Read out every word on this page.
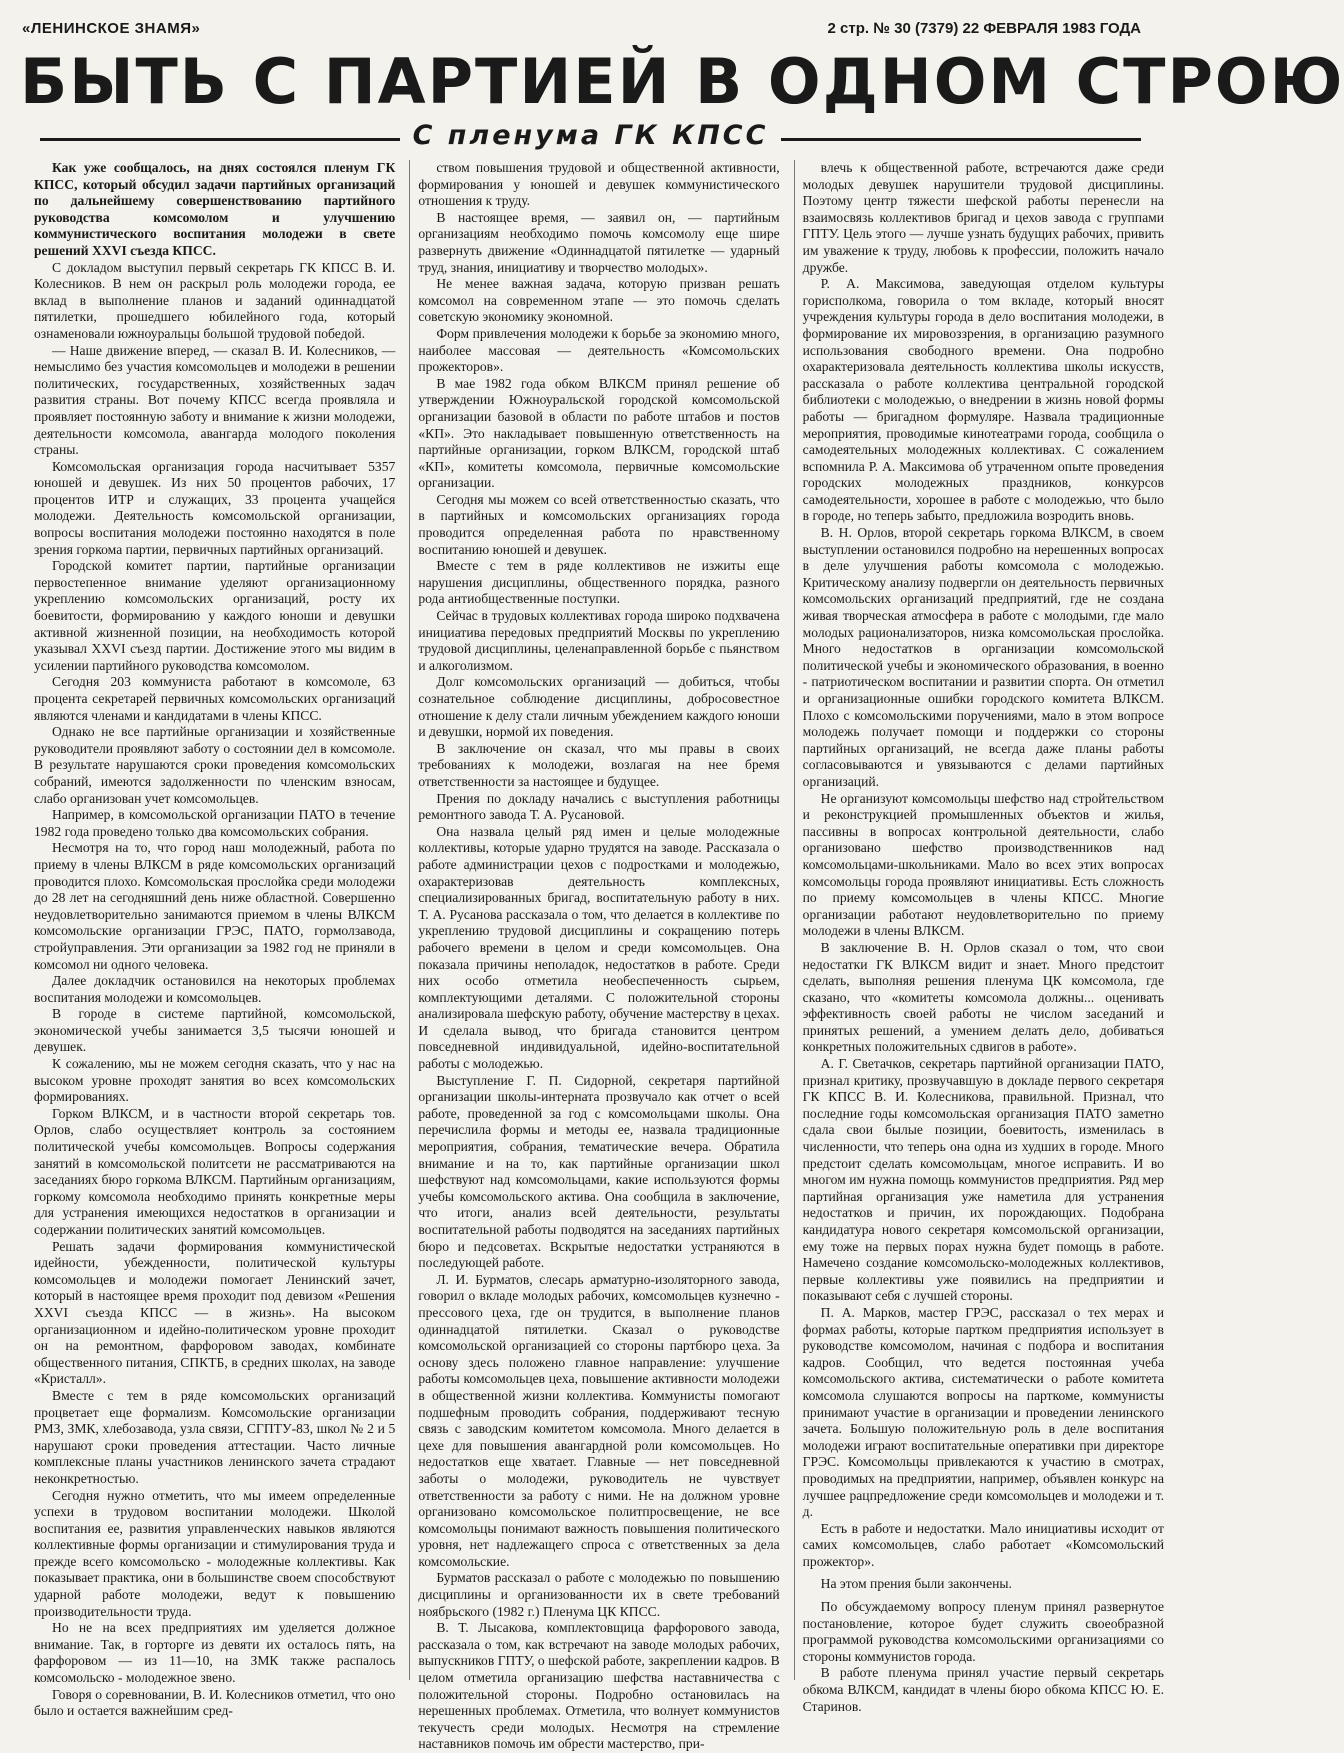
«ЛЕНИНСКОЕ ЗНАМЯ»	2 стр. № 30 (7379) 22 ФЕВРАЛЯ 1983 ГОДА
БЫТЬ С ПАРТИЕЙ В ОДНОМ СТРОЮ
С пленума ГК КПСС

Как уже сообщалось, на днях состоялся пленум ГК КПСС, который обсудил задачи партийных организаций по дальнейшему совершенствованию партийного руководства комсомолом и улучшению коммунистического воспитания молодежи в свете решений XXVI съезда КПСС.

С докладом выступил первый секретарь ГК КПСС В. И. Колесников. В нем он раскрыл роль молодежи города, ее вклад в выполнение планов и заданий одиннадцатой пятилетки, прошедшего юбилейного года, который ознаменовали южноуральцы большой трудовой победой.

— Наше движение вперед, — сказал В. И. Колесников, — немыслимо без участия комсомольцев и молодежи в решении политических, государственных, хозяйственных задач развития страны. Вот почему КПСС всегда проявляла и проявляет постоянную заботу и внимание к жизни молодежи, деятельности комсомола, авангарда молодого поколения страны.

Комсомольская организация города насчитывает 5357 юношей и девушек. Из них 50 процентов рабочих, 17 процентов ИТР и служащих, 33 процента учащейся молодежи. Деятельность комсомольской организации, вопросы воспитания молодежи постоянно находятся в поле зрения горкома партии, первичных партийных организаций.

Городской комитет партии, партийные организации первостепенное внимание уделяют организационному укреплению комсомольских организаций, росту их боевитости, формированию у каждого юноши и девушки активной жизненной позиции, на необходимость которой указывал XXVI съезд партии. Достижение этого мы видим в усилении партийного руководства комсомолом.

Сегодня 203 коммуниста работают в комсомоле, 63 процента секретарей первичных комсомольских организаций являются членами и кандидатами в члены КПСС.

Однако не все партийные организации и хозяйственные руководители проявляют заботу о состоянии дел в комсомоле. В результате нарушаются сроки проведения комсомольских собраний, имеются задолженности по членским взносам, слабо организован учет комсомольцев.

Например, в комсомольской организации ПАТО в течение 1982 года проведено только два комсомольских собрания.

Несмотря на то, что город наш молодежный, работа по приему в члены ВЛКСМ в ряде комсомольских организаций проводится плохо. Комсомольская прослойка среди молодежи до 28 лет на сегодняшний день ниже областной. Совершенно неудовлетворительно занимаются приемом в члены ВЛКСМ комсомольские организации ГРЭС, ПАТО, гормолзавода, стройуправления. Эти организации за 1982 год не приняли в комсомол ни одного человека.

Далее докладчик остановился на некоторых проблемах воспитания молодежи и комсомольцев.

В городе в системе партийной, комсомольской, экономической учебы занимается 3,5 тысячи юношей и девушек.

К сожалению, мы не можем сегодня сказать, что у нас на высоком уровне проходят занятия во всех комсомольских формированиях.

Горком ВЛКСМ, и в частности второй секретарь тов. Орлов, слабо осуществляет контроль за состоянием политической учебы комсомольцев. Вопросы содержания занятий в комсомольской политсети не рассматриваются на заседаниях бюро горкома ВЛКСМ. Партийным организациям, горкому комсомола необходимо принять конкретные меры для устранения имеющихся недостатков в организации и содержании политических занятий комсомольцев.

Решать задачи формирования коммунистической идейности, убежденности, политической культуры комсомольцев и молодежи помогает Ленинский зачет, который в настоящее время проходит под девизом «Решения XXVI съезда КПСС — в жизнь». На высоком организационном и идейно-политическом уровне проходит он на ремонтном, фарфоровом заводах, комбинате общественного питания, СПКТБ, в средних школах, на заводе «Кристалл».

Вместе с тем в ряде комсомольских организаций процветает еще формализм. Комсомольские организации РМЗ, ЗМК, хлебозавода, узла связи, СГПТУ-83, школ № 2 и 5 нарушают сроки проведения аттестации. Часто личные комплексные планы участников ленинского зачета страдают неконкретностью.

Сегодня нужно отметить, что мы имеем определенные успехи в трудовом воспитании молодежи. Школой воспитания ее, развития управленческих навыков являются коллективные формы организации и стимулирования труда и прежде всего комсомольско - молодежные коллективы. Как показывает практика, они в большинстве своем способствуют ударной работе молодежи, ведут к повышению производительности труда.

Но не на всех предприятиях им уделяется должное внимание. Так, в горторге из девяти их осталось пять, на фарфоровом — из 11—10, на ЗМК также распалось комсомольско - молодежное звено.

Говоря о соревновании, В. И. Колесников отметил, что оно было и остается важнейшим сред-

ством повышения трудовой и общественной активности, формирования у юношей и девушек коммунистического отношения к труду.

В настоящее время, — заявил он, — партийным организациям необходимо помочь комсомолу еще шире развернуть движение «Одиннадцатой пятилетке — ударный труд, знания, инициативу и творчество молодых».

Не менее важная задача, которую призван решать комсомол на современном этапе — это помочь сделать советскую экономику экономной.

Форм привлечения молодежи к борьбе за экономию много, наиболее массовая — деятельность «Комсомольских прожекторов».

В мае 1982 года обком ВЛКСМ принял решение об утверждении Южноуральской городской комсомольской организации базовой в области по работе штабов и постов «КП». Это накладывает повышенную ответственность на партийные организации, горком ВЛКСМ, городской штаб «КП», комитеты комсомола, первичные комсомольские организации.

Сегодня мы можем со всей ответственностью сказать, что в партийных и комсомольских организациях города проводится определенная работа по нравственному воспитанию юношей и девушек.

Вместе с тем в ряде коллективов не изжиты еще нарушения дисциплины, общественного порядка, разного рода антиобщественные поступки.

Сейчас в трудовых коллективах города широко подхвачена инициатива передовых предприятий Москвы по укреплению трудовой дисциплины, целенаправленной борьбе с пьянством и алкоголизмом.

Долг комсомольских организаций — добиться, чтобы сознательное соблюдение дисциплины, добросовестное отношение к делу стали личным убеждением каждого юноши и девушки, нормой их поведения.

В заключение он сказал, что мы правы в своих требованиях к молодежи, возлагая на нее бремя ответственности за настоящее и будущее.

Прения по докладу начались с выступления работницы ремонтного завода Т. А. Русановой.

Она назвала целый ряд имен и целые молодежные коллективы, которые ударно трудятся на заводе. Рассказала о работе администрации цехов с подростками и молодежью, охарактеризовав деятельность комплексных, специализированных бригад, воспитательную работу в них. Т. А. Русанова рассказала о том, что делается в коллективе по укреплению трудовой дисциплины и сокращению потерь рабочего времени в целом и среди комсомольцев. Она показала причины неполадок, недостатков в работе. Среди них особо отметила необеспеченность сырьем, комплектующими деталями. С положительной стороны анализировала шефскую работу, обучение мастерству в цехах. И сделала вывод, что бригада становится центром повседневной индивидуальной, идейно-воспитательной работы с молодежью.

Выступление Г. П. Сидорной, секретаря партийной организации школы-интерната прозвучало как отчет о всей работе, проведенной за год с комсомольцами школы. Она перечислила формы и методы ее, назвала традиционные мероприятия, собрания, тематические вечера. Обратила внимание и на то, как партийные организации школ шефствуют над комсомольцами, какие используются формы учебы комсомольского актива. Она сообщила в заключение, что итоги, анализ всей деятельности, результаты воспитательной работы подводятся на заседаниях партийных бюро и педсоветах. Вскрытые недостатки устраняются в последующей работе.

Л. И. Бурматов, слесарь арматурно-изоляторного завода, говорил о вкладе молодых рабочих, комсомольцев кузнечно - прессового цеха, где он трудится, в выполнение планов одиннадцатой пятилетки. Сказал о руководстве комсомольской организацией со стороны партбюро цеха. За основу здесь положено главное направление: улучшение работы комсомольцев цеха, повышение активности молодежи в общественной жизни коллектива. Коммунисты помогают подшефным проводить собрания, поддерживают тесную связь с заводским комитетом комсомола. Много делается в цехе для повышения авангардной роли комсомольцев. Но недостатков еще хватает. Главные — нет повседневной заботы о молодежи, руководитель не чувствует ответственности за работу с ними. Не на должном уровне организовано комсомольское политпросвещение, не все комсомольцы понимают важность повышения политического уровня, нет надлежащего спроса с ответственных за дела комсомольские.

Бурматов рассказал о работе с молодежью по повышению дисциплины и организованности их в свете требований ноябрьского (1982 г.) Пленума ЦК КПСС.

В. Т. Лысакова, комплектовщица фарфорового завода, рассказала о том, как встречают на заводе молодых рабочих, выпускников ГПТУ, о шефской работе, закреплении кадров. В целом отметила организацию шефства наставничества с положительной стороны. Подробно остановилась на нерешенных проблемах. Отметила, что волнует коммунистов текучесть среди молодых. Несмотря на стремление наставников помочь им обрести мастерство, при-

влечь к общественной работе, встречаются даже среди молодых девушек нарушители трудовой дисциплины. Поэтому центр тяжести шефской работы перенесли на взаимосвязь коллективов бригад и цехов завода с группами ГПТУ. Цель этого — лучше узнать будущих рабочих, привить им уважение к труду, любовь к профессии, положить начало дружбе.

Р. А. Максимова, заведующая отделом культуры горисполкома, говорила о том вкладе, который вносят учреждения культуры города в дело воспитания молодежи, в формирование их мировоззрения, в организацию разумного использования свободного времени. Она подробно охарактеризовала деятельность коллектива школы искусств, рассказала о работе коллектива центральной городской библиотеки с молодежью, о внедрении в жизнь новой формы работы — бригадном формуляре. Назвала традиционные мероприятия, проводимые кинотеатрами города, сообщила о самодеятельных молодежных коллективах. С сожалением вспомнила Р. А. Максимова об утраченном опыте проведения городских молодежных праздников, конкурсов самодеятельности, хорошее в работе с молодежью, что было в городе, но теперь забыто, предложила возродить вновь.

В. Н. Орлов, второй секретарь горкома ВЛКСМ, в своем выступлении остановился подробно на нерешенных вопросах в деле улучшения работы комсомола с молодежью. Критическому анализу подвергли он деятельность первичных комсомольских организаций предприятий, где не создана живая творческая атмосфера в работе с молодыми, где мало молодых рационализаторов, низка комсомольская прослойка. Много недостатков в организации комсомольской политической учебы и экономического образования, в военно - патриотическом воспитании и развитии спорта. Он отметил и организационные ошибки городского комитета ВЛКСМ. Плохо с комсомольскими поручениями, мало в этом вопросе молодежь получает помощи и поддержки со стороны партийных организаций, не всегда даже планы работы согласовываются и увязываются с делами партийных организаций.

Не организуют комсомольцы шефство над стройтельством и реконструкцией промышленных объектов и жилья, пассивны в вопросах контрольной деятельности, слабо организовано шефство производственников над комсомольцами-школьниками. Мало во всех этих вопросах комсомольцы города проявляют инициативы. Есть сложность по приему комсомольцев в члены КПСС. Многие организации работают неудовлетворительно по приему молодежи в члены ВЛКСМ.

В заключение В. Н. Орлов сказал о том, что свои недостатки ГК ВЛКСМ видит и знает. Много предстоит сделать, выполняя решения пленума ЦК комсомола, где сказано, что «комитеты комсомола должны... оценивать эффективность своей работы не числом заседаний и принятых решений, а умением делать дело, добиваться конкретных положительных сдвигов в работе».

А. Г. Светачков, секретарь партийной организации ПАТО, признал критику, прозвучавшую в докладе первого секретаря ГК КПСС В. И. Колесникова, правильной. Признал, что последние годы комсомольская организация ПАТО заметно сдала свои былые позиции, боевитость, изменилась в численности, что теперь она одна из худших в городе. Много предстоит сделать комсомольцам, многое исправить. И во многом им нужна помощь коммунистов предприятия. Ряд мер партийная организация уже наметила для устранения недостатков и причин, их порождающих. Подобрана кандидатура нового секретаря комсомольской организации, ему тоже на первых порах нужна будет помощь в работе. Намечено создание комсомольско-молодежных коллективов, первые коллективы уже появились на предприятии и показывают себя с лучшей стороны.

П. А. Марков, мастер ГРЭС, рассказал о тех мерах и формах работы, которые партком предприятия использует в руководстве комсомолом, начиная с подбора и воспитания кадров. Сообщил, что ведется постоянная учеба комсомольского актива, систематически о работе комитета комсомола слушаются вопросы на парткоме, коммунисты принимают участие в организации и проведении ленинского зачета. Большую положительную роль в деле воспитания молодежи играют воспитательные оперативки при директоре ГРЭС. Комсомольцы привлекаются к участию в смотрах, проводимых на предприятии, например, объявлен конкурс на лучшее рацпредложение среди комсомольцев и молодежи и т. д.

Есть в работе и недостатки. Мало инициативы исходит от самих комсомольцев, слабо работает «Комсомольский прожектор».

На этом прения были закончены.

По обсуждаемому вопросу пленум принял развернутое постановление, которое будет служить своеобразной программой руководства комсомольскими организациями со стороны коммунистов города.

В работе пленума принял участие первый секретарь обкома ВЛКСМ, кандидат в члены бюро обкома КПСС Ю. Е. Старинов.
